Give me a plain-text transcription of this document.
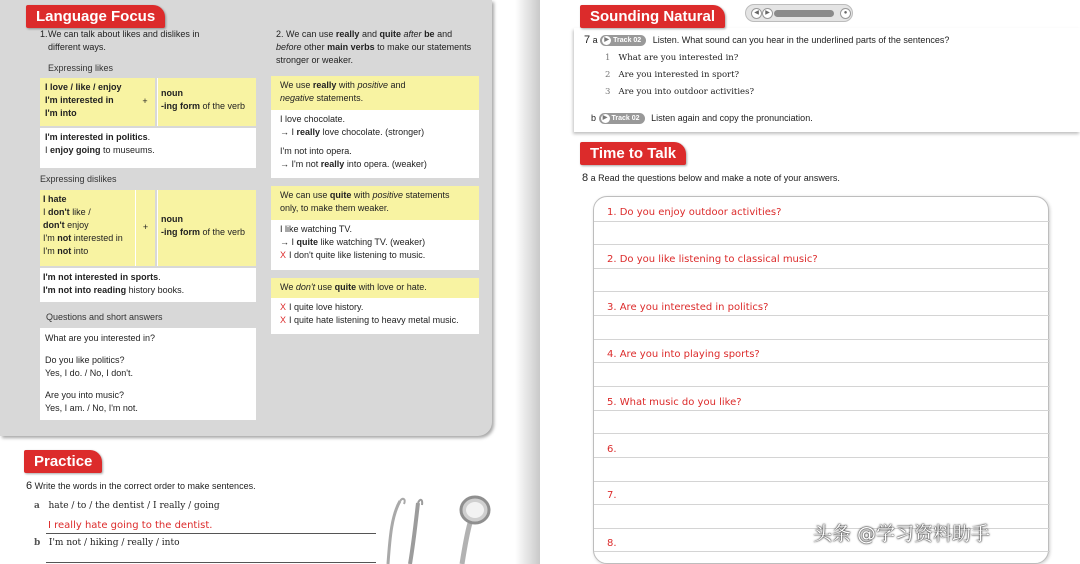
Language Focus
1. We can talk about likes and dislikes in different ways.
Expressing likes
I love / like / enjoy
I'm interested in
I'm into
+
noun
-ing form of the verb
I'm interested in politics.
I enjoy going to museums.
Expressing dislikes
I hate
I don't like /
don't enjoy
I'm not interested in
I'm not into
+
noun
-ing form of the verb
I'm not interested in sports.
I'm not into reading history books.
Questions and short answers
What are you interested in?
Do you like politics?
Yes, I do. / No, I don't.
Are you into music?
Yes, I am. / No, I'm not.
2. We can use really and quite after be and before other main verbs to make our statements stronger or weaker.
We use really with positive and
negative statements.
I love chocolate.
→ I really love chocolate. (stronger)
I'm not into opera.
→ I'm not really into opera. (weaker)
We can use quite with positive statements
only, to make them weaker.
I like watching TV.
→ I quite like watching TV. (weaker)
X I don't quite like listening to music.
We don't use quite with love or hate.
X I quite love history.
X I quite hate listening to heavy metal music.
Practice
6 Write the words in the correct order to make sentences.
a hate / to / the dentist / I really / going
I really hate going to the dentist.
b I'm not / hiking / really / into
Sounding Natural	◀	▶	●
7 a ▶ Track 02 Listen. What sound can you hear in the underlined parts of the sentences?
1 What are you interested in?
2 Are you interested in sport?
3 Are you into outdoor activities?
b ▶ Track 02 Listen again and copy the pronunciation.
Time to Talk
8 a Read the questions below and make a note of your answers.
1. Do you enjoy outdoor activities?
2. Do you like listening to classical music?
3. Are you interested in politics?
4. Are you into playing sports?
5. What music do you like?
6.
7.
8.	头条 @学习资料助手
